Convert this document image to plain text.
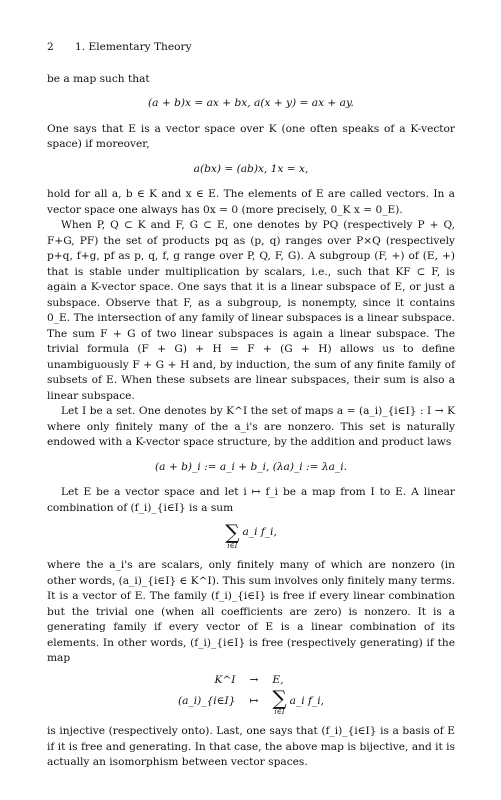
2 1. Elementary Theory

be a map such that

(a + b)x = ax + bx, a(x + y) = ax + ay.

One says that E is a vector space over K (one often speaks of a K-vector space) if moreover,

a(bx) = (ab)x, 1x = x,

hold for all a, b ∈ K and x ∈ E. The elements of E are called vectors. In a vector space one always has 0x = 0 (more precisely, 0_K x = 0_E).

When P, Q ⊂ K and F, G ⊂ E, one denotes by PQ (respectively P + Q, F+G, PF) the set of products pq as (p, q) ranges over P×Q (respectively p+q, f+g, pf as p, q, f, g range over P, Q, F, G). A subgroup (F, +) of (E, +) that is stable under multiplication by scalars, i.e., such that KF ⊂ F, is again a K-vector space. One says that it is a linear subspace of E, or just a subspace. Observe that F, as a subgroup, is nonempty, since it contains 0_E. The intersection of any family of linear subspaces is a linear subspace. The sum F + G of two linear subspaces is again a linear subspace. The trivial formula (F + G) + H = F + (G + H) allows us to define unambiguously F + G + H and, by induction, the sum of any finite family of subsets of E. When these subsets are linear subspaces, their sum is also a linear subspace.

Let I be a set. One denotes by K^I the set of maps a = (a_i)_{i∈I} : I → K where only finitely many of the a_i's are nonzero. This set is naturally endowed with a K-vector space structure, by the addition and product laws

(a + b)_i := a_i + b_i, (λa)_i := λa_i.

Let E be a vector space and let i ↦ f_i be a map from I to E. A linear combination of (f_i)_{i∈I} is a sum

∑
i∈I
a_i f_i,

where the a_i's are scalars, only finitely many of which are nonzero (in other words, (a_i)_{i∈I} ∈ K^I). This sum involves only finitely many terms. It is a vector of E. The family (f_i)_{i∈I} is free if every linear combination but the trivial one (when all coefficients are zero) is nonzero. It is a generating family if every vector of E is a linear combination of its elements. In other words, (f_i)_{i∈I} is free (respectively generating) if the map

K^I → E,
(a_i)_{i∈I} ↦ ∑
i∈I
a_i f_i,

is injective (respectively onto). Last, one says that (f_i)_{i∈I} is a basis of E if it is free and generating. In that case, the above map is bijective, and it is actually an isomorphism between vector spaces.
